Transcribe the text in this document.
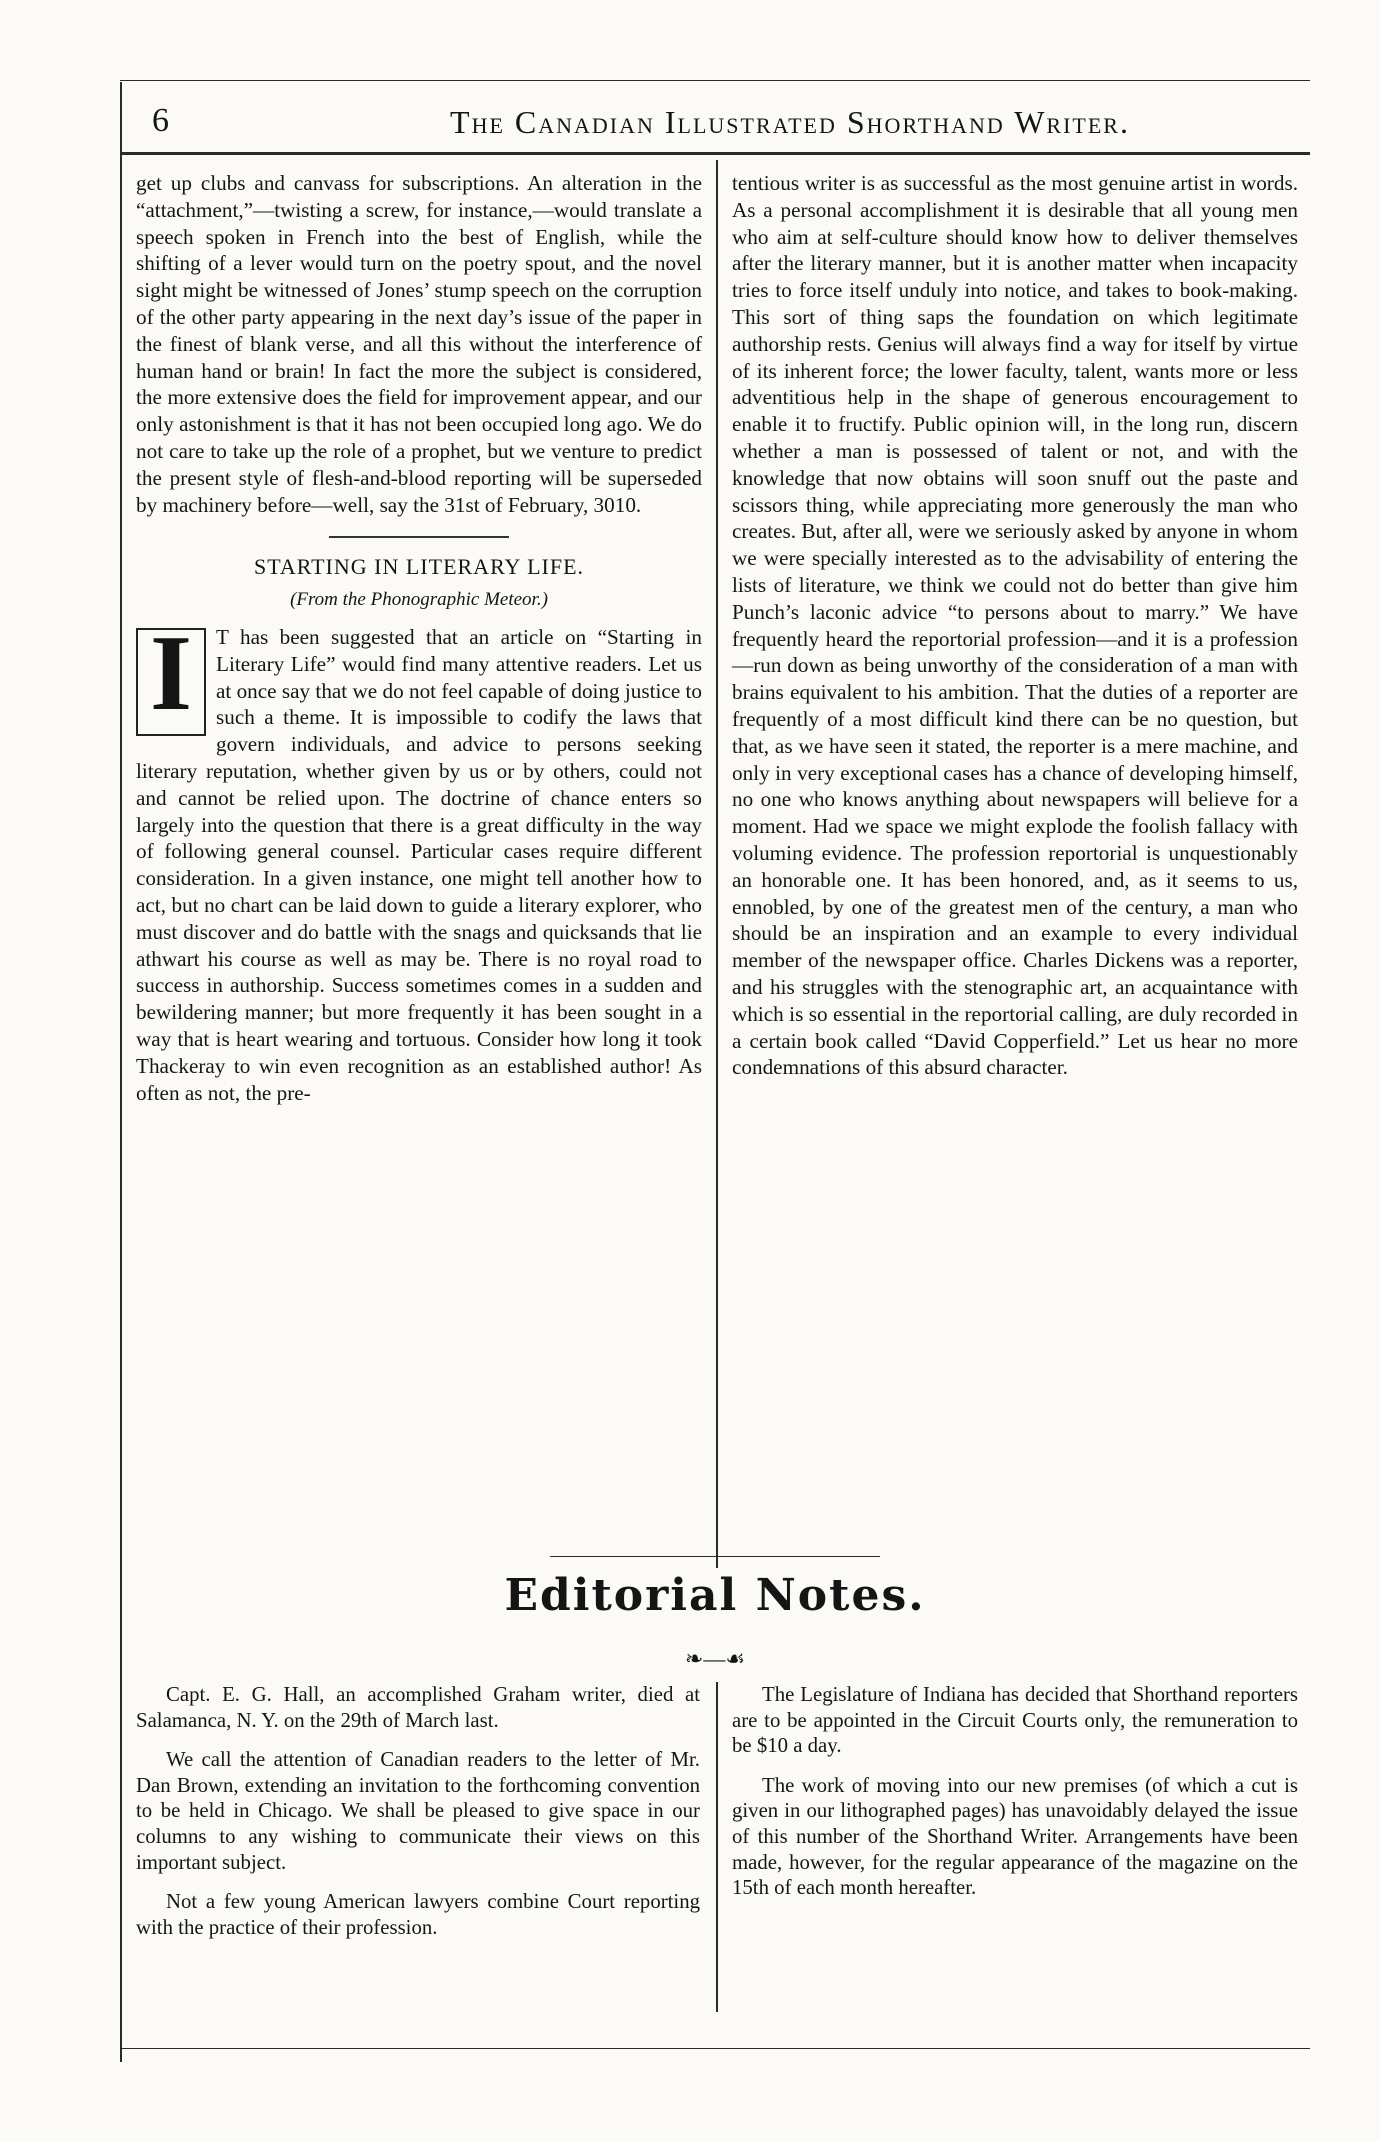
6	The Canadian Illustrated Shorthand Writer.

get up clubs and canvass for subscriptions. An alteration in the “attachment,”—twisting a screw, for instance,—would translate a speech spoken in French into the best of English, while the shifting of a lever would turn on the poetry spout, and the novel sight might be witnessed of Jones’ stump speech on the corruption of the other party appearing in the next day’s issue of the paper in the finest of blank verse, and all this without the interference of human hand or brain! In fact the more the subject is considered, the more extensive does the field for improvement appear, and our only astonishment is that it has not been occupied long ago. We do not care to take up the role of a prophet, but we venture to predict the present style of flesh-and-blood reporting will be superseded by machinery before—well, say the 31st of February, 3010.

STARTING IN LITERARY LIFE.
(From the Phonographic Meteor.)

I	T has been suggested that an article on “Starting in Literary Life” would find many attentive readers. Let us at once say that we do not feel capable of doing justice to such a theme. It is impossible to codify the laws that govern individuals, and advice to persons seeking literary reputation, whether given by us or by others, could not and cannot be relied upon. The doctrine of chance enters so largely into the question that there is a great difficulty in the way of following general counsel. Particular cases require different consideration. In a given instance, one might tell another how to act, but no chart can be laid down to guide a literary explorer, who must discover and do battle with the snags and quicksands that lie athwart his course as well as may be. There is no royal road to success in authorship. Success sometimes comes in a sudden and bewildering manner; but more frequently it has been sought in a way that is heart wearing and tortuous. Consider how long it took Thackeray to win even recognition as an established author! As often as not, the pre-

tentious writer is as successful as the most genuine artist in words. As a personal accomplishment it is desirable that all young men who aim at self-culture should know how to deliver themselves after the literary manner, but it is another matter when incapacity tries to force itself unduly into notice, and takes to book-making. This sort of thing saps the foundation on which legitimate authorship rests. Genius will always find a way for itself by virtue of its inherent force; the lower faculty, talent, wants more or less adventitious help in the shape of generous encouragement to enable it to fructify. Public opinion will, in the long run, discern whether a man is possessed of talent or not, and with the knowledge that now obtains will soon snuff out the paste and scissors thing, while appreciating more generously the man who creates. But, after all, were we seriously asked by anyone in whom we were specially interested as to the advisability of entering the lists of literature, we think we could not do better than give him Punch’s laconic advice “to persons about to marry.” We have frequently heard the reportorial profession—and it is a profession—run down as being unworthy of the consideration of a man with brains equivalent to his ambition. That the duties of a reporter are frequently of a most difficult kind there can be no question, but that, as we have seen it stated, the reporter is a mere machine, and only in very exceptional cases has a chance of developing himself, no one who knows anything about newspapers will believe for a moment. Had we space we might explode the foolish fallacy with voluming evidence. The profession reportorial is unquestionably an honorable one. It has been honored, and, as it seems to us, ennobled, by one of the greatest men of the century, a man who should be an inspiration and an example to every individual member of the newspaper office. Charles Dickens was a reporter, and his struggles with the stenographic art, an acquaintance with which is so essential in the reportorial calling, are duly recorded in a certain book called “David Copperfield.” Let us hear no more condemnations of this absurd character.

Editorial Notes.
❧—☙

Capt. E. G. Hall, an accomplished Graham writer, died at Salamanca, N. Y. on the 29th of March last.

We call the attention of Canadian readers to the letter of Mr. Dan Brown, extending an invitation to the forthcoming convention to be held in Chicago. We shall be pleased to give space in our columns to any wishing to communicate their views on this important subject.

Not a few young American lawyers combine Court reporting with the practice of their profession.

The Legislature of Indiana has decided that Shorthand reporters are to be appointed in the Circuit Courts only, the remuneration to be $10 a day.

The work of moving into our new premises (of which a cut is given in our lithographed pages) has unavoidably delayed the issue of this number of the Shorthand Writer. Arrangements have been made, however, for the regular appearance of the magazine on the 15th of each month hereafter.
